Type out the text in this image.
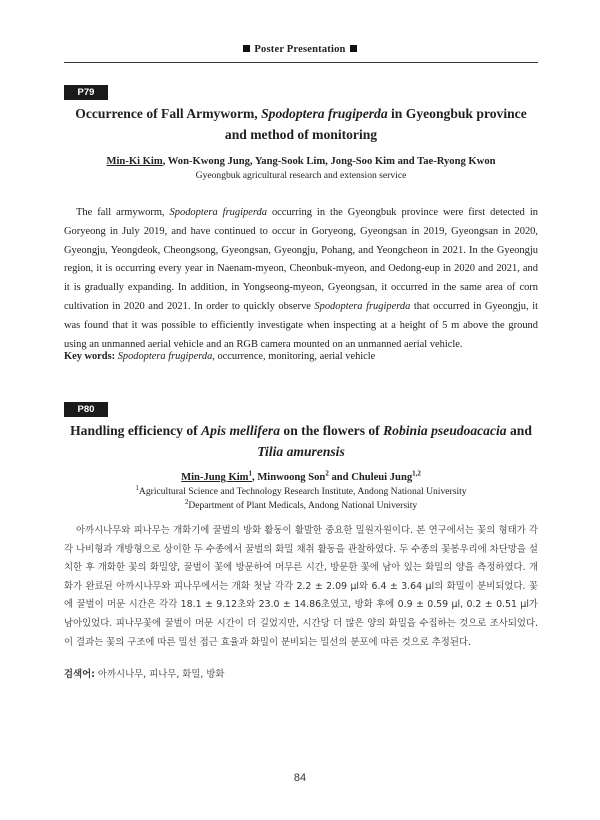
Poster Presentation
P79
Occurrence of Fall Armyworm, Spodoptera frugiperda in Gyeongbuk province and method of monitoring
Min-Ki Kim, Won-Kwong Jung, Yang-Sook Lim, Jong-Soo Kim and Tae-Ryong Kwon
Gyeongbuk agricultural research and extension service

The fall armyworm, Spodoptera frugiperda occurring in the Gyeongbuk province were first detected in Goryeong in July 2019, and have continued to occur in Goryeong, Gyeongsan in 2019, Gyeongsan in 2020, Gyeongju, Yeongdeok, Cheongsong, Gyeongsan, Gyeongju, Pohang, and Yeongcheon in 2021. In the Gyeongju region, it is occurring every year in Naenam-myeon, Cheonbuk-myeon, and Oedong-eup in 2020 and 2021, and it is gradually expanding. In addition, in Yongseong-myeon, Gyeongsan, it occurred in the same area of corn cultivation in 2020 and 2021. In order to quickly observe Spodoptera frugiperda that occurred in Gyeongju, it was found that it was possible to efficiently investigate when inspecting at a height of 5 m above the ground using an unmanned aerial vehicle and an RGB camera mounted on an unmanned aerial vehicle.

Key words: Spodoptera frugiperda, occurrence, monitoring, aerial vehicle
P80
Handling efficiency of Apis mellifera on the flowers of Robinia pseudoacacia and
Tilia amurensis
Min-Jung Kim$^1$, Minwoong Son$^2$ and Chuleui Jung$^{1,2}$
$^1$Agricultural Science and Technology Research Institute, Andong National University
$^2$Department of Plant Medicals, Andong National University

아까시나무와 피나무는 개화기에 꿀벌의 방화 활동이 활발한 중요한 밀원자원이다. 본 연구에서는 꽃의 형태가 각각 나비형과 개방형으로 상이한 두 수종에서 꿀벌의 화밀 채취 활동을 관찰하였다. 두 수종의 꽃봉우리에 차단망을 설치한 후 개화한 꽃의 화밀양, 꿀벌이 꽃에 방문하여 머무른 시간, 방문한 꽃에 남아 있는 화밀의 양을 측정하였다. 개화가 완료된 아까시나무와 피나무에서는 개화 첫날 각각 2.2 ± 2.09 μl와 6.4 ± 3.64 μl의 화밀이 분비되었다. 꽃에 꿀벌이 머문 시간은 각각 18.1 ± 9.12초와 23.0 ± 14.86초였고, 방화 후에 0.9 ± 0.59 μl, 0.2 ± 0.51 μl가 남아있었다. 피나무꽃에 꿀벌이 머문 시간이 더 길었지만, 시간당 더 많은 양의 화밀을 수집하는 것으로 조사되었다. 이 결과는 꽃의 구조에 따른 밀선 접근 효율과 화밀이 분비되는 밀선의 분포에 따른 것으로 추정된다.

검색어: 아까시나무, 피나무, 화밀, 방화
84
